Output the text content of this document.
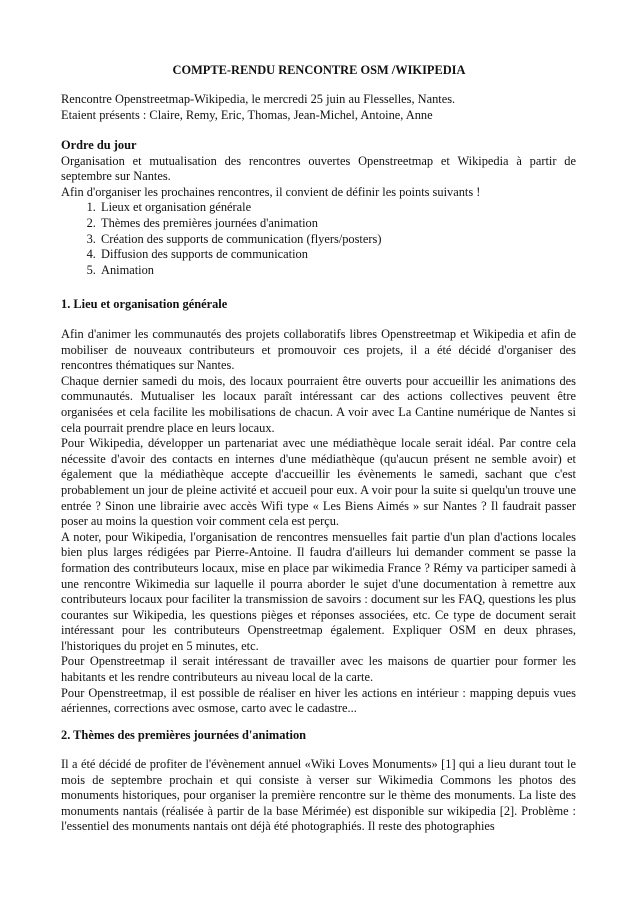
COMPTE-RENDU RENCONTRE OSM /WIKIPEDIA

Rencontre Openstreetmap-Wikipedia, le mercredi 25 juin au Flesselles, Nantes.

Etaient présents : Claire, Remy, Eric, Thomas, Jean-Michel, Antoine, Anne

Ordre du jour

Organisation et mutualisation des rencontres ouvertes Openstreetmap et Wikipedia à partir de septembre sur Nantes.

Afin d'organiser les prochaines rencontres, il convient de définir les points suivants !

1. Lieux et organisation générale
2. Thèmes des premières journées d'animation
3. Création des supports de communication (flyers/posters)
4. Diffusion des supports de communication
5. Animation
1. Lieu et organisation générale

Afin d'animer les communautés des projets collaboratifs libres Openstreetmap et Wikipedia et afin de mobiliser de nouveaux contributeurs et promouvoir ces projets, il a été décidé d'organiser des rencontres thématiques sur Nantes.

Chaque dernier samedi du mois, des locaux pourraient être ouverts pour accueillir les animations des communautés. Mutualiser les locaux paraît intéressant car des actions collectives peuvent être organisées et cela facilite les mobilisations de chacun. A voir avec La Cantine numérique de Nantes si cela pourrait prendre place en leurs locaux.

Pour Wikipedia, développer un partenariat avec une médiathèque locale serait idéal. Par contre cela nécessite d'avoir des contacts en internes d'une médiathèque (qu'aucun présent ne semble avoir) et également que la médiathèque accepte d'accueillir les évènements le samedi, sachant que c'est probablement un jour de pleine activité et accueil pour eux. A voir pour la suite si quelqu'un trouve une entrée ? Sinon une librairie avec accès Wifi type « Les Biens Aimés » sur Nantes ? Il faudrait passer poser au moins la question voir comment cela est perçu.

A noter, pour Wikipedia, l'organisation de rencontres mensuelles fait partie d'un plan d'actions locales bien plus larges rédigées par Pierre-Antoine. Il faudra d'ailleurs lui demander comment se passe la formation des contributeurs locaux, mise en place par wikimedia France ? Rémy va participer samedi à une rencontre Wikimedia sur laquelle il pourra aborder le sujet d'une documentation à remettre aux contributeurs locaux pour faciliter la transmission de savoirs : document sur les FAQ, questions les plus courantes sur Wikipedia, les questions pièges et réponses associées, etc. Ce type de document serait intéressant pour les contributeurs Openstreetmap également. Expliquer OSM en deux phrases, l'historiques du projet en 5 minutes, etc.

Pour Openstreetmap il serait intéressant de travailler avec les maisons de quartier pour former les habitants et les rendre contributeurs au niveau local de la carte.

Pour Openstreetmap, il est possible de réaliser en hiver les actions en intérieur : mapping depuis vues aériennes, corrections avec osmose, carto avec le cadastre...

2. Thèmes des premières journées d'animation

Il a été décidé de profiter de l'évènement annuel «Wiki Loves Monuments» [1] qui a lieu durant tout le mois de septembre prochain et qui consiste à verser sur Wikimedia Commons les photos des monuments historiques, pour organiser la première rencontre sur le thème des monuments. La liste des monuments nantais (réalisée à partir de la base Mérimée) est disponible sur wikipedia [2]. Problème : l'essentiel des monuments nantais ont déjà été photographiés. Il reste des photographies
